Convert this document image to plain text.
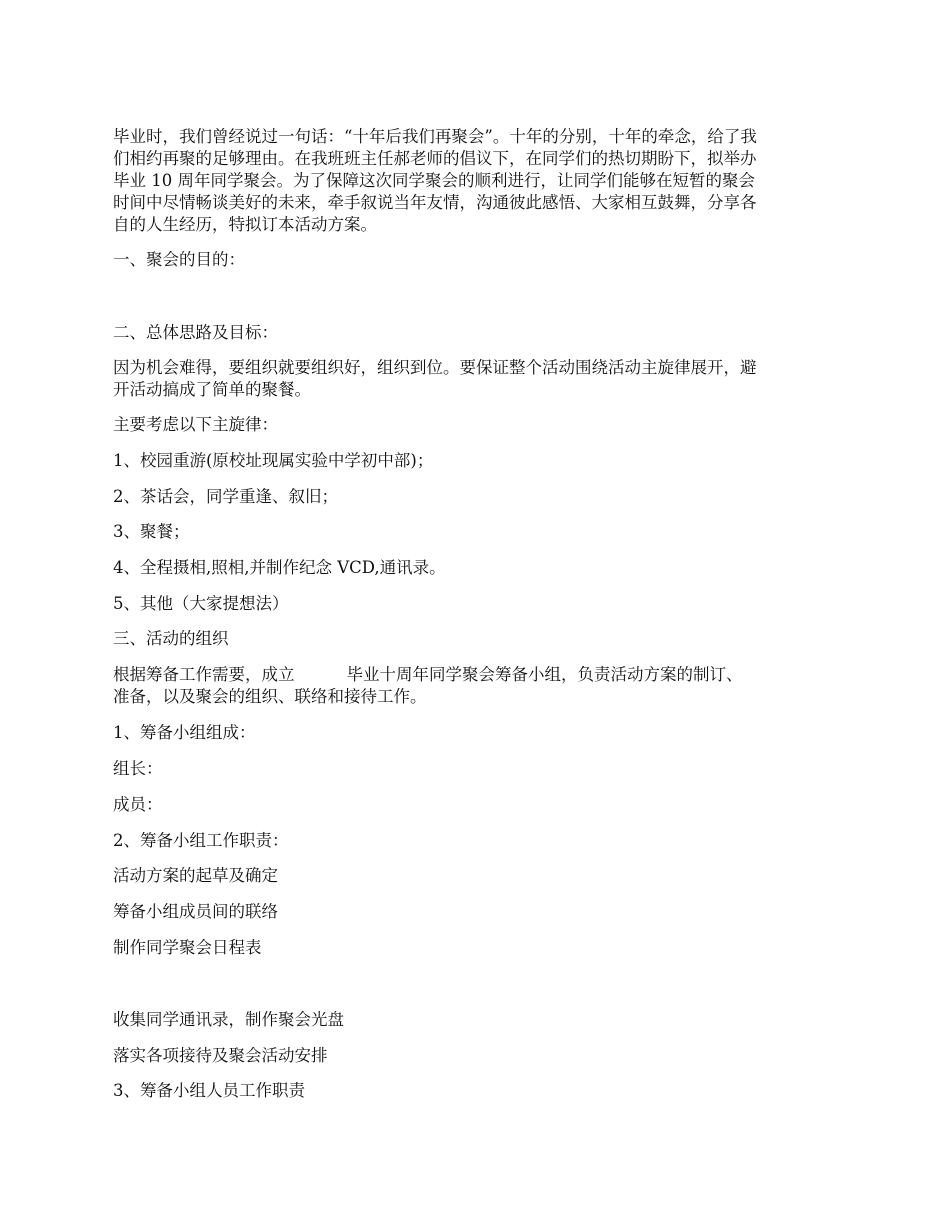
毕业时，我们曾经说过一句话：“十年后我们再聚会”。十年的分别，十年的牵念，给了我
们相约再聚的足够理由。在我班班主任郝老师的倡议下，在同学们的热切期盼下，拟举办
毕业 10 周年同学聚会。为了保障这次同学聚会的顺利进行，让同学们能够在短暂的聚会
时间中尽情畅谈美好的未来，牵手叙说当年友情，沟通彼此感悟、大家相互鼓舞，分享各
自的人生经历，特拟订本活动方案。

一、聚会的目的：

二、总体思路及目标：

因为机会难得，要组织就要组织好，组织到位。要保证整个活动围绕活动主旋律展开，避
开活动搞成了简单的聚餐。

主要考虑以下主旋律：

1、校园重游(原校址现属实验中学初中部)；

2、茶话会，同学重逢、叙旧；

3、聚餐；

4、全程摄相,照相,并制作纪念 VCD,通讯录。

5、其他（大家提想法）

三、活动的组织

根据筹备工作需要，成立	毕业十周年同学聚会筹备小组，负责活动方案的制订、
准备，以及聚会的组织、联络和接待工作。

1、筹备小组组成：

组长：

成员：

2、筹备小组工作职责：

活动方案的起草及确定

筹备小组成员间的联络

制作同学聚会日程表

收集同学通讯录，制作聚会光盘

落实各项接待及聚会活动安排

3、筹备小组人员工作职责
